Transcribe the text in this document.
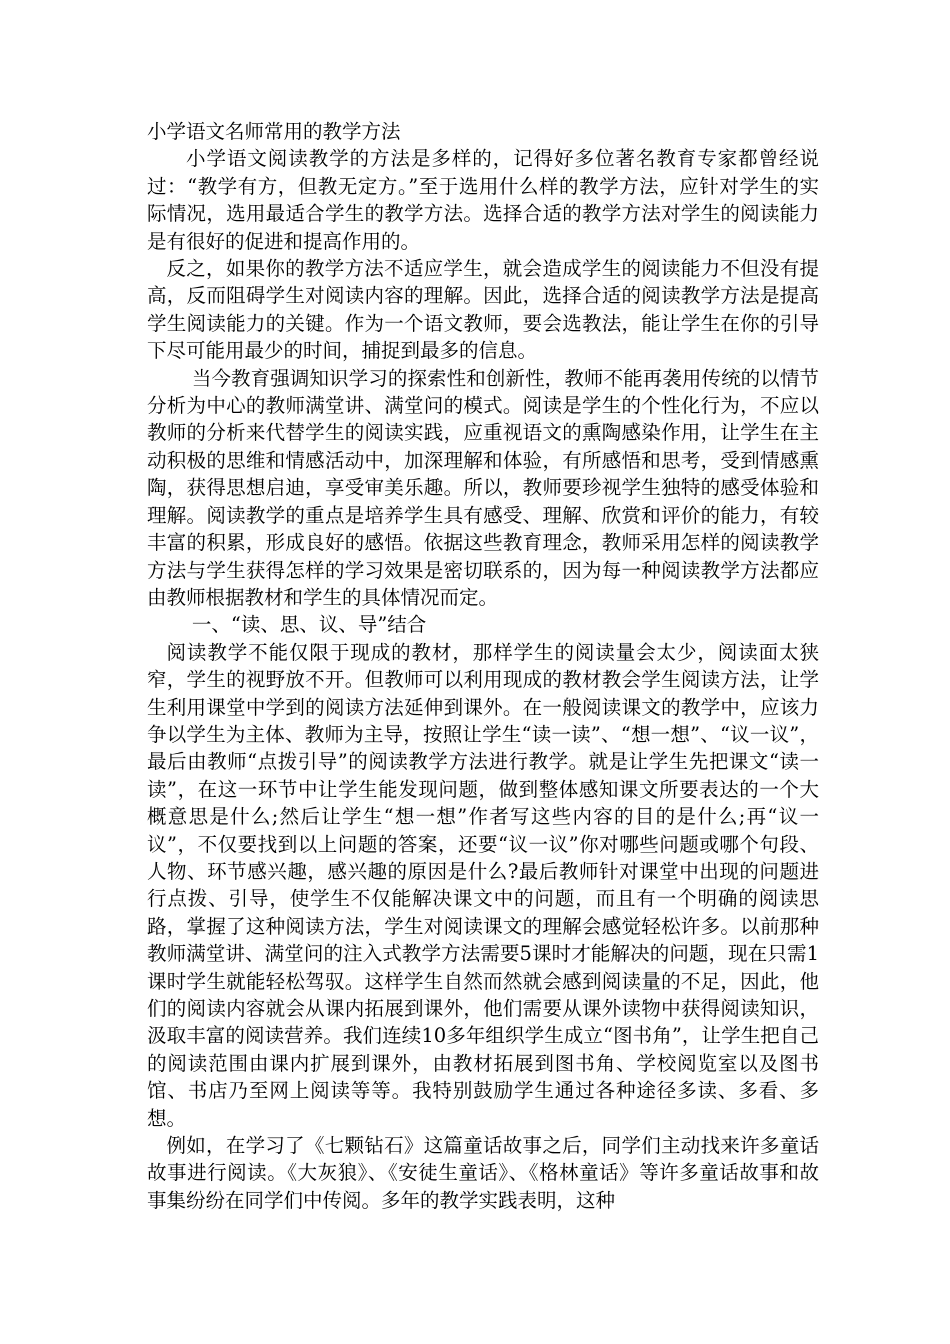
小学语文名师常用的教学方法

小学语文阅读教学的方法是多样的，记得好多位著名教育专家都曾经说过：“教学有方，但教无定方。”至于选用什么样的教学方法，应针对学生的实际情况，选用最适合学生的教学方法。选择合适的教学方法对学生的阅读能力是有很好的促进和提高作用的。

反之，如果你的教学方法不适应学生，就会造成学生的阅读能力不但没有提高，反而阻碍学生对阅读内容的理解。因此，选择合适的阅读教学方法是提高学生阅读能力的关键。作为一个语文教师，要会选教法，能让学生在你的引导下尽可能用最少的时间，捕捉到最多的信息。

当今教育强调知识学习的探索性和创新性，教师不能再袭用传统的以情节分析为中心的教师满堂讲、满堂问的模式。阅读是学生的个性化行为，不应以教师的分析来代替学生的阅读实践，应重视语文的熏陶感染作用，让学生在主动积极的思维和情感活动中，加深理解和体验，有所感悟和思考，受到情感熏陶，获得思想启迪，享受审美乐趣。所以，教师要珍视学生独特的感受体验和理解。阅读教学的重点是培养学生具有感受、理解、欣赏和评价的能力，有较丰富的积累，形成良好的感悟。依据这些教育理念，教师采用怎样的阅读教学方法与学生获得怎样的学习效果是密切联系的，因为每一种阅读教学方法都应由教师根据教材和学生的具体情况而定。

一、“读、思、议、导”结合

阅读教学不能仅限于现成的教材，那样学生的阅读量会太少，阅读面太狭窄，学生的视野放不开。但教师可以利用现成的教材教会学生阅读方法，让学生利用课堂中学到的阅读方法延伸到课外。在一般阅读课文的教学中，应该力争以学生为主体、教师为主导，按照让学生“读一读”、“想一想”、“议一议”，最后由教师“点拨引导”的阅读教学方法进行教学。就是让学生先把课文“读一读”，在这一环节中让学生能发现问题，做到整体感知课文所要表达的一个大概意思是什么;然后让学生“想一想”作者写这些内容的目的是什么;再“议一议”，不仅要找到以上问题的答案，还要“议一议”你对哪些问题或哪个句段、人物、环节感兴趣，感兴趣的原因是什么?最后教师针对课堂中出现的问题进行点拨、引导，使学生不仅能解决课文中的问题，而且有一个明确的阅读思路，掌握了这种阅读方法，学生对阅读课文的理解会感觉轻松许多。以前那种教师满堂讲、满堂问的注入式教学方法需要5课时才能解决的问题，现在只需1课时学生就能轻松驾驭。这样学生自然而然就会感到阅读量的不足，因此，他们的阅读内容就会从课内拓展到课外，他们需要从课外读物中获得阅读知识，汲取丰富的阅读营养。我们连续10多年组织学生成立“图书角”，让学生把自己的阅读范围由课内扩展到课外，由教材拓展到图书角、学校阅览室以及图书馆、书店乃至网上阅读等等。我特别鼓励学生通过各种途径多读、多看、多想。

例如，在学习了《七颗钻石》这篇童话故事之后，同学们主动找来许多童话故事进行阅读。《大灰狼》、《安徒生童话》、《格林童话》等许多童话故事和故事集纷纷在同学们中传阅。多年的教学实践表明，这种
